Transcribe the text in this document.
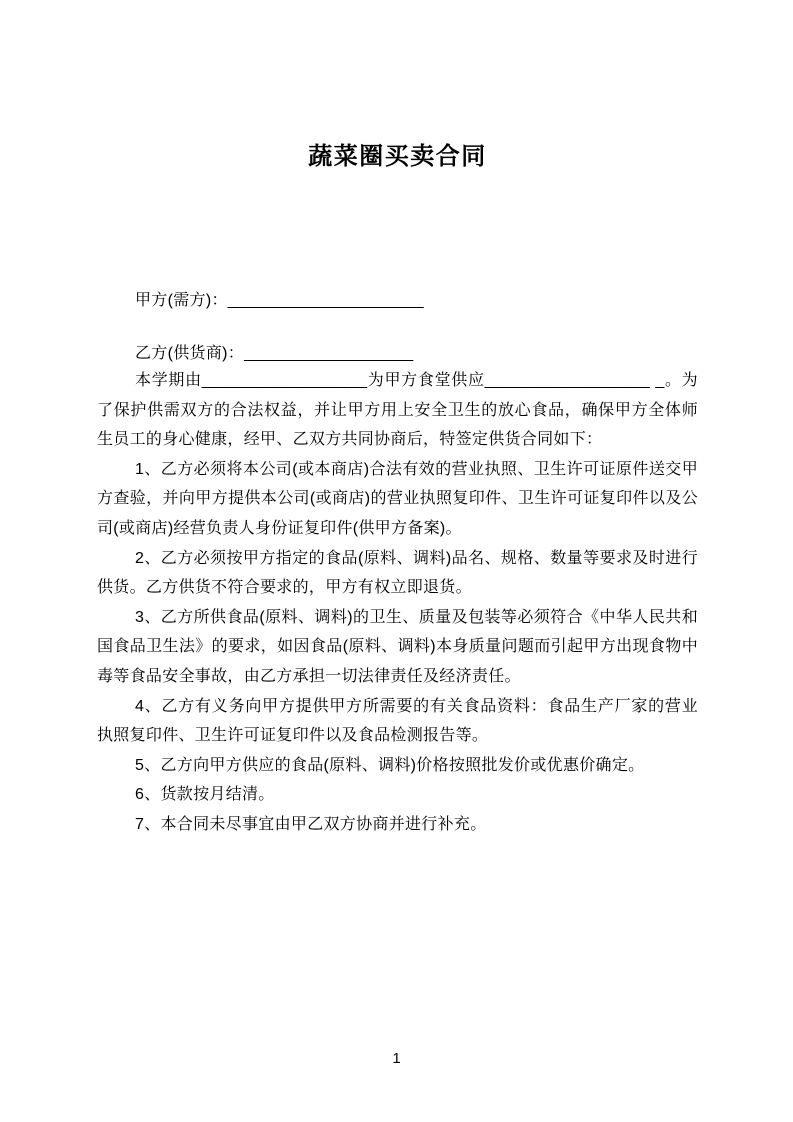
蔬菜圈买卖合同

甲方(需方)：______________________

乙方(供货商)：___________________

本学期由__________________为甲方食堂供应__________________ _。为了保护供需双方的合法权益，并让甲方用上安全卫生的放心食品，确保甲方全体师生员工的身心健康，经甲、乙双方共同协商后，特签定供货合同如下：

1、乙方必须将本公司(或本商店)合法有效的营业执照、卫生许可证原件送交甲方查验，并向甲方提供本公司(或商店)的营业执照复印件、卫生许可证复印件以及公司(或商店)经营负责人身份证复印件(供甲方备案)。

2、乙方必须按甲方指定的食品(原料、调料)品名、规格、数量等要求及时进行供货。乙方供货不符合要求的，甲方有权立即退货。

3、乙方所供食品(原料、调料)的卫生、质量及包装等必须符合《中华人民共和国食品卫生法》的要求，如因食品(原料、调料)本身质量问题而引起甲方出现食物中毒等食品安全事故，由乙方承担一切法律责任及经济责任。

4、乙方有义务向甲方提供甲方所需要的有关食品资料：食品生产厂家的营业执照复印件、卫生许可证复印件以及食品检测报告等。

5、乙方向甲方供应的食品(原料、调料)价格按照批发价或优惠价确定。

6、货款按月结清。

7、本合同未尽事宜由甲乙双方协商并进行补充。

1
